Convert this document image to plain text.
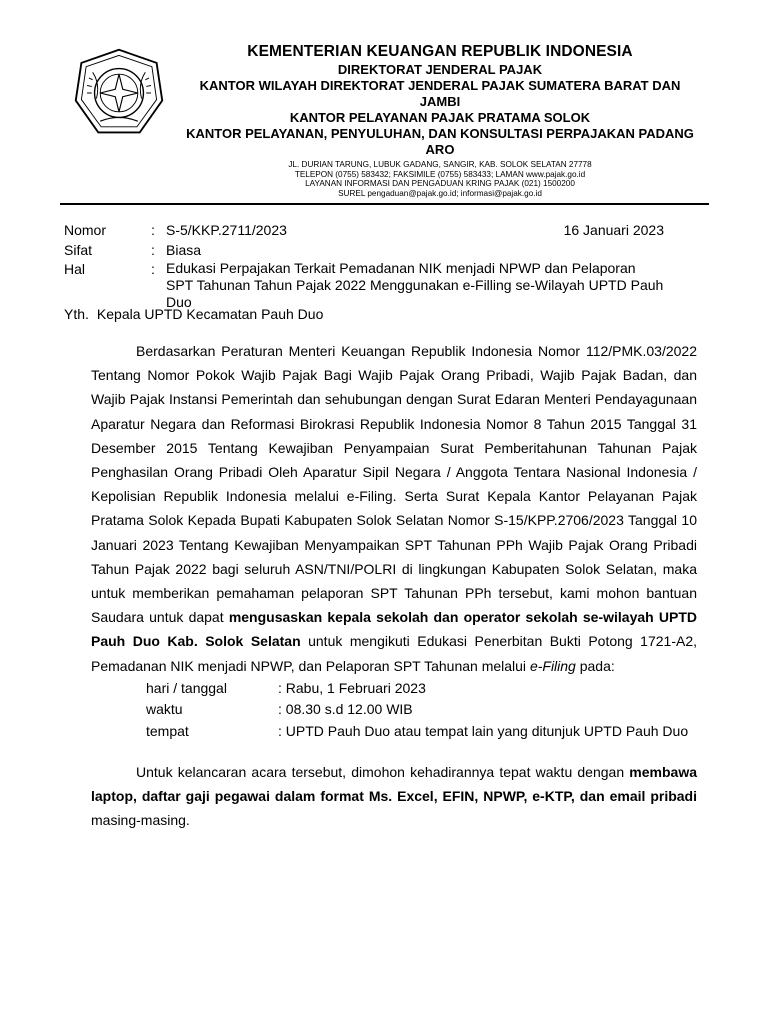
KEMENTERIAN KEUANGAN REPUBLIK INDONESIA
DIREKTORAT JENDERAL PAJAK
KANTOR WILAYAH DIREKTORAT JENDERAL PAJAK SUMATERA BARAT DAN JAMBI
KANTOR PELAYANAN PAJAK PRATAMA SOLOK
KANTOR PELAYANAN, PENYULUHAN, DAN KONSULTASI PERPAJAKAN PADANG ARO
JL. DURIAN TARUNG, LUBUK GADANG, SANGIR, KAB. SOLOK SELATAN 27778
TELEPON (0755) 583432; FAKSIMILE (0755) 583433; LAMAN www.pajak.go.id
LAYANAN INFORMASI DAN PENGADUAN KRING PAJAK (021) 1500200
SUREL pengaduan@pajak.go.id; informasi@pajak.go.id
Nomor	: S-5/KKP.2711/2023	16 Januari 2023
Sifat	: Biasa
Hal	: Edukasi Perpajakan Terkait Pemadanan NIK menjadi NPWP dan Pelaporan SPT Tahunan Tahun Pajak 2022 Menggunakan e-Filling se-Wilayah UPTD Pauh Duo
Yth. Kepala UPTD Kecamatan Pauh Duo
Berdasarkan Peraturan Menteri Keuangan Republik Indonesia Nomor 112/PMK.03/2022 Tentang Nomor Pokok Wajib Pajak Bagi Wajib Pajak Orang Pribadi, Wajib Pajak Badan, dan Wajib Pajak Instansi Pemerintah dan sehubungan dengan Surat Edaran Menteri Pendayagunaan Aparatur Negara dan Reformasi Birokrasi Republik Indonesia Nomor 8 Tahun 2015 Tanggal 31 Desember 2015 Tentang Kewajiban Penyampaian Surat Pemberitahunan Tahunan Pajak Penghasilan Orang Pribadi Oleh Aparatur Sipil Negara / Anggota Tentara Nasional Indonesia / Kepolisian Republik Indonesia melalui e-Filing. Serta Surat Kepala Kantor Pelayanan Pajak Pratama Solok Kepada Bupati Kabupaten Solok Selatan Nomor S-15/KPP.2706/2023 Tanggal 10 Januari 2023 Tentang Kewajiban Menyampaikan SPT Tahunan PPh Wajib Pajak Orang Pribadi Tahun Pajak 2022 bagi seluruh ASN/TNI/POLRI di lingkungan Kabupaten Solok Selatan, maka untuk memberikan pemahaman pelaporan SPT Tahunan PPh tersebut, kami mohon bantuan Saudara untuk dapat mengusaskan kepala sekolah dan operator sekolah se-wilayah UPTD Pauh Duo Kab. Solok Selatan untuk mengikuti Edukasi Penerbitan Bukti Potong 1721-A2, Pemadanan NIK menjadi NPWP, dan Pelaporan SPT Tahunan melalui e-Filing pada:
hari / tanggal	: Rabu, 1 Februari 2023
waktu	: 08.30 s.d 12.00 WIB
tempat	: UPTD Pauh Duo atau tempat lain yang ditunjuk UPTD Pauh Duo
Untuk kelancaran acara tersebut, dimohon kehadirannya tepat waktu dengan membawa laptop, daftar gaji pegawai dalam format Ms. Excel, EFIN, NPWP, e-KTP, dan email pribadi masing-masing.
